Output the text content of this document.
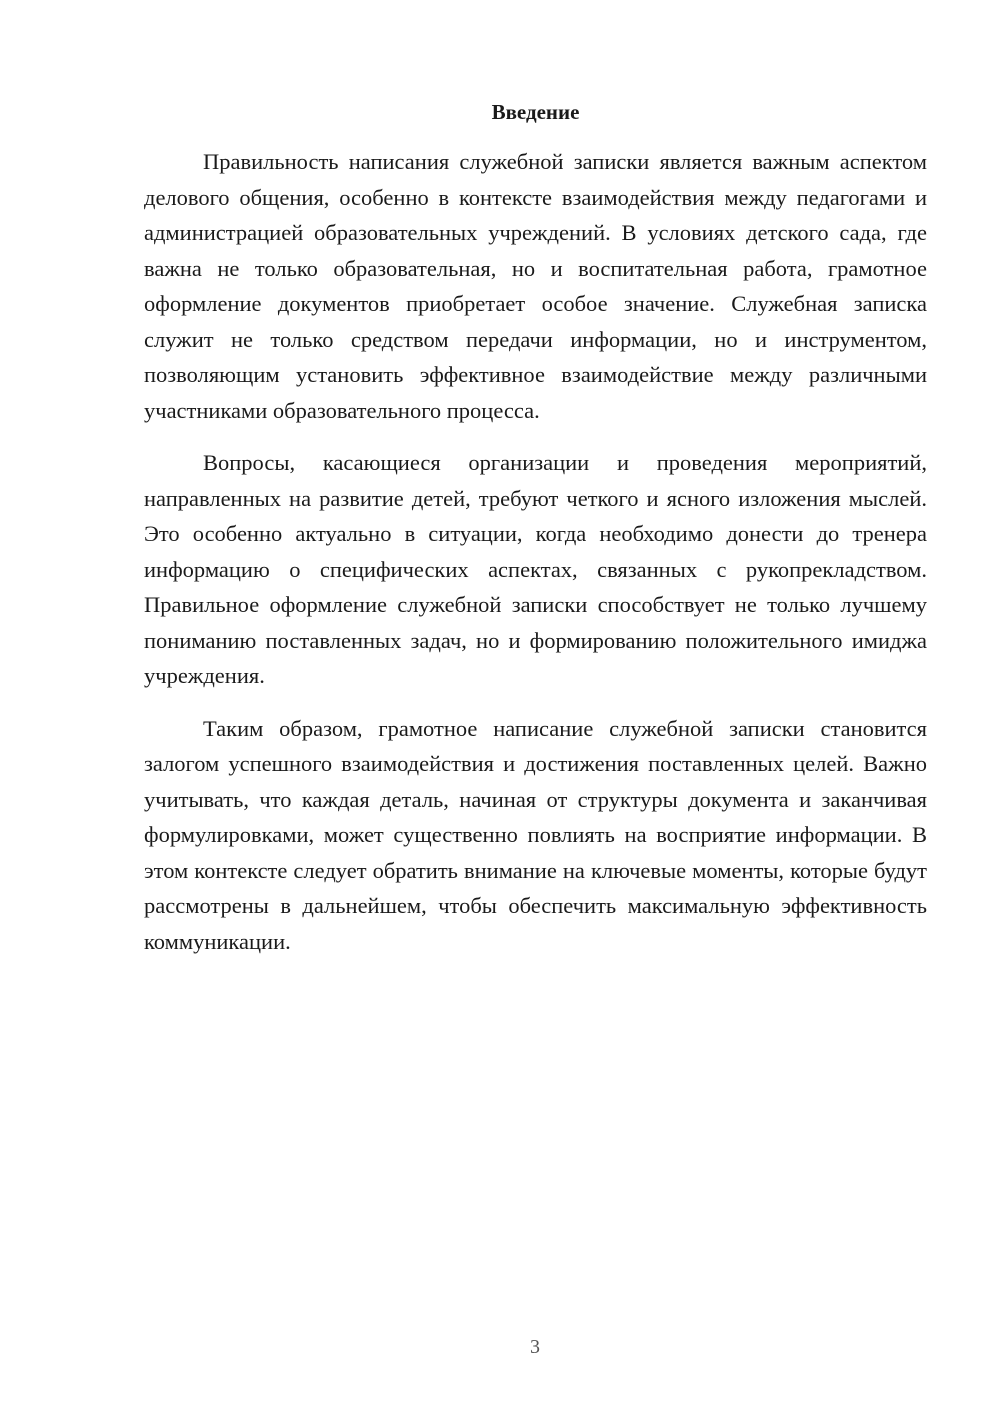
Введение

Правильность написания служебной записки является важным аспектом делового общения, особенно в контексте взаимодействия между педагогами и администрацией образовательных учреждений. В условиях детского сада, где важна не только образовательная, но и воспитательная работа, грамотное оформление документов приобретает особое значение. Служебная записка служит не только средством передачи информации, но и инструментом, позволяющим установить эффективное взаимодействие между различными участниками образовательного процесса.

Вопросы, касающиеся организации и проведения мероприятий, направленных на развитие детей, требуют четкого и ясного изложения мыслей. Это особенно актуально в ситуации, когда необходимо донести до тренера информацию о специфических аспектах, связанных с рукопрекладством. Правильное оформление служебной записки способствует не только лучшему пониманию поставленных задач, но и формированию положительного имиджа учреждения.

Таким образом, грамотное написание служебной записки становится залогом успешного взаимодействия и достижения поставленных целей. Важно учитывать, что каждая деталь, начиная от структуры документа и заканчивая формулировками, может существенно повлиять на восприятие информации. В этом контексте следует обратить внимание на ключевые моменты, которые будут рассмотрены в дальнейшем, чтобы обеспечить максимальную эффективность коммуникации.

3
